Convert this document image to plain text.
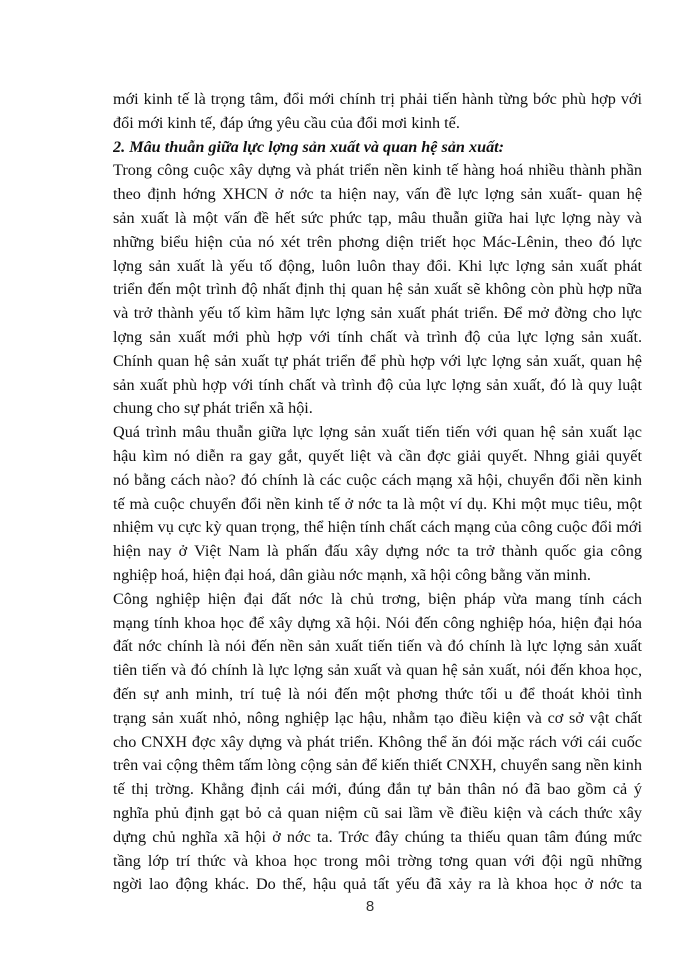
mới kinh tế là trọng tâm, đổi mới chính trị phải tiến hành từng bớc phù hợp với
đổi mới kinh tế, đáp ứng yêu cầu của đổi mơi kinh tế.
2. Mâu thuẫn giữa lực lợng sản xuất và quan hệ sản xuất:
Trong công cuộc xây dựng và phát triển nền kinh tế hàng hoá nhiều thành phần
theo định hớng XHCN ở nớc ta hiện nay, vấn đề lực lợng sản xuất- quan hệ
sản xuất là một vấn đề hết sức phức tạp, mâu thuẫn giữa hai lực lợng này và
những biểu hiện của nó xét trên phơng diện triết học Mác-Lênin, theo đó lực
lợng sản xuất là yếu tố động, luôn luôn thay đổi. Khi lực lợng sản xuất phát
triển đến một trình độ nhất định thị quan hệ sản xuất sẽ không còn phù hợp nữa
và trở thành yếu tố kìm hãm lực lợng sản xuất phát triển. Để mở đờng cho lực
lợng sản xuất mới phù hợp với tính chất và trình độ của lực lợng sản xuất.
Chính quan hệ sản xuất tự phát triển để phù hợp với lực lợng sản xuất, quan hệ
sản xuất phù hợp với tính chất và trình độ của lực lợng sản xuất, đó là quy luật
chung cho sự phát triển xã hội.
Quá trình mâu thuẫn giữa lực lợng sản xuất tiến tiến với quan hệ sản xuất lạc
hậu kìm nó diễn ra gay gắt, quyết liệt và cần đợc giải quyết. Nhng giải quyết
nó bằng cách nào? đó chính là các cuộc cách mạng xã hội, chuyển đổi nền kinh
tế mà cuộc chuyển đổi nền kinh tế ở nớc ta là một ví dụ. Khi một mục tiêu, một
nhiệm vụ cực kỳ quan trọng, thể hiện tính chất cách mạng của công cuộc đổi mới
hiện nay ở Việt Nam là phấn đấu xây dựng nớc ta trở thành quốc gia công
nghiệp hoá, hiện đại hoá, dân giàu nớc mạnh, xã hội công bằng văn minh.
Công nghiệp hiện đại đất nớc là chủ trơng, biện pháp vừa mang tính cách
mạng tính khoa học để xây dựng xã hội. Nói đến công nghiệp hóa, hiện đại hóa
đất nớc chính là nói đến nền sản xuất tiến tiến và đó chính là lực lợng sản xuất
tiên tiến và đó chính là lực lợng sản xuất và quan hệ sản xuất, nói đến khoa học,
đến sự anh minh, trí tuệ là nói đến một phơng thức tối u để thoát khỏi tình
trạng sản xuất nhỏ, nông nghiệp lạc hậu, nhằm tạo điều kiện và cơ sở vật chất
cho CNXH đợc xây dựng và phát triển. Không thể ăn đói mặc rách với cái cuốc
trên vai cộng thêm tấm lòng cộng sản để kiến thiết CNXH, chuyển sang nền kinh
tế thị trờng. Khẳng định cái mới, đúng đắn tự bản thân nó đã bao gồm cả ý
nghĩa phủ định gạt bỏ cả quan niệm cũ sai lầm về điều kiện và cách thức xây
dựng chủ nghĩa xã hội ở nớc ta. Trớc đây chúng ta thiếu quan tâm đúng mức
tầng lớp trí thức và khoa học trong môi trờng tơng quan với đội ngũ những
ngời lao động khác. Do thế, hậu quả tất yếu đã xảy ra là khoa học ở nớc ta
8
